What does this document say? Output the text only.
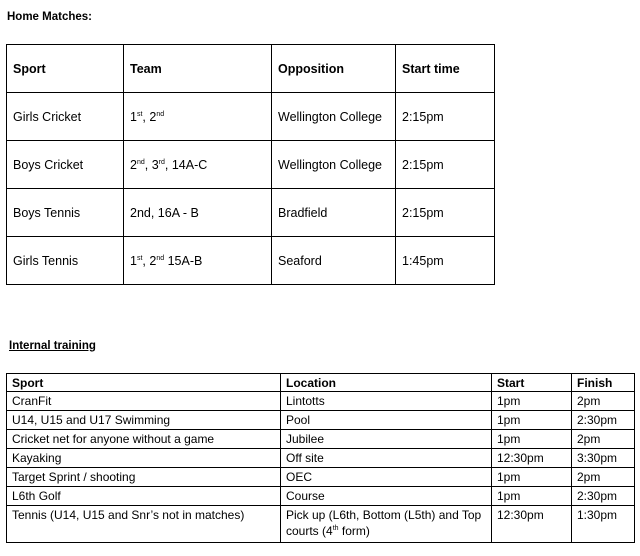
Home Matches:
Sport	Team	Opposition	Start time
Girls Cricket	1st, 2nd	Wellington College	2:15pm
Boys Cricket	2nd, 3rd, 14A-C	Wellington College	2:15pm
Boys Tennis	2nd, 16A - B	Bradfield	2:15pm
Girls Tennis	1st, 2nd 15A-B	Seaford	1:45pm
Internal training
Sport	Location	Start	Finish
CranFit	Lintotts	1pm	2pm
U14, U15 and U17 Swimming	Pool	1pm	2:30pm
Cricket net for anyone without a game	Jubilee	1pm	2pm
Kayaking	Off site	12:30pm	3:30pm
Target Sprint / shooting	OEC	1pm	2pm
L6th Golf	Course	1pm	2:30pm
Tennis (U14, U15 and Snr’s not in matches)	Pick up (L6th, Bottom (L5th) and Top courts (4th form)	12:30pm	1:30pm
